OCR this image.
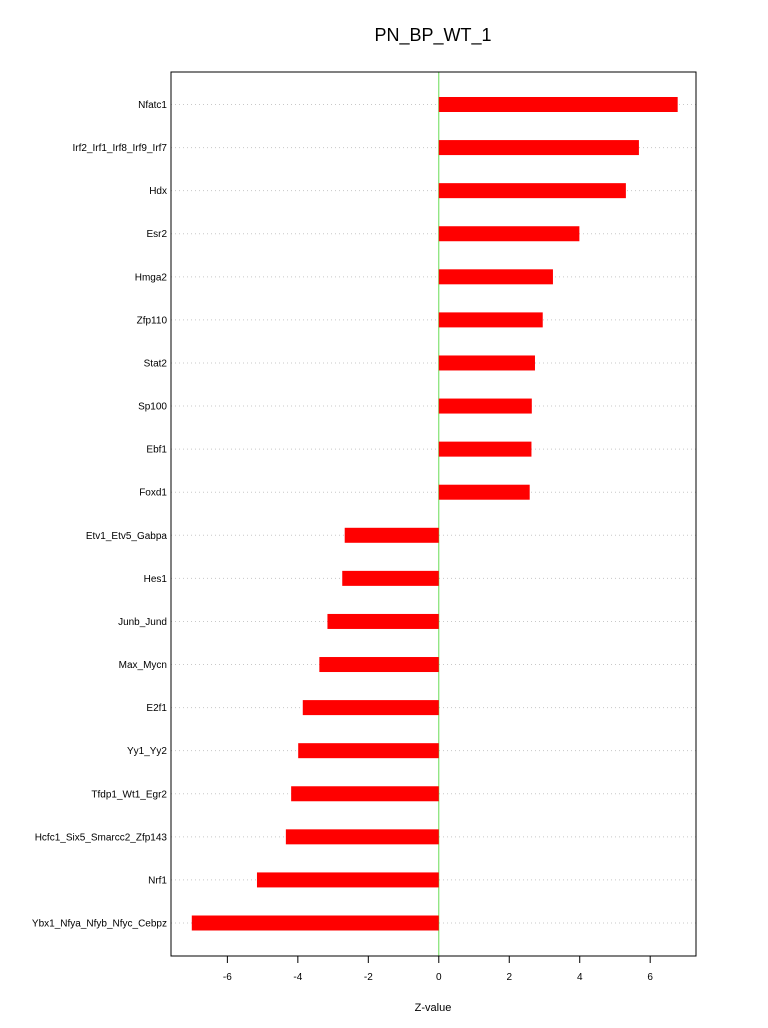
PN_BP_WT_1
Nfatc1
Irf2_Irf1_Irf8_Irf9_Irf7
Hdx
Esr2
Hmga2
Zfp110
Stat2
Sp100
Ebf1
Foxd1
Etv1_Etv5_Gabpa
Hes1
Junb_Jund
Max_Mycn
E2f1
Yy1_Yy2
Tfdp1_Wt1_Egr2
Hcfc1_Six5_Smarcc2_Zfp143
Nrf1
Ybx1_Nfya_Nfyb_Nfyc_Cebpz
-6	-4	-2	0	2	4	6
Z-value
